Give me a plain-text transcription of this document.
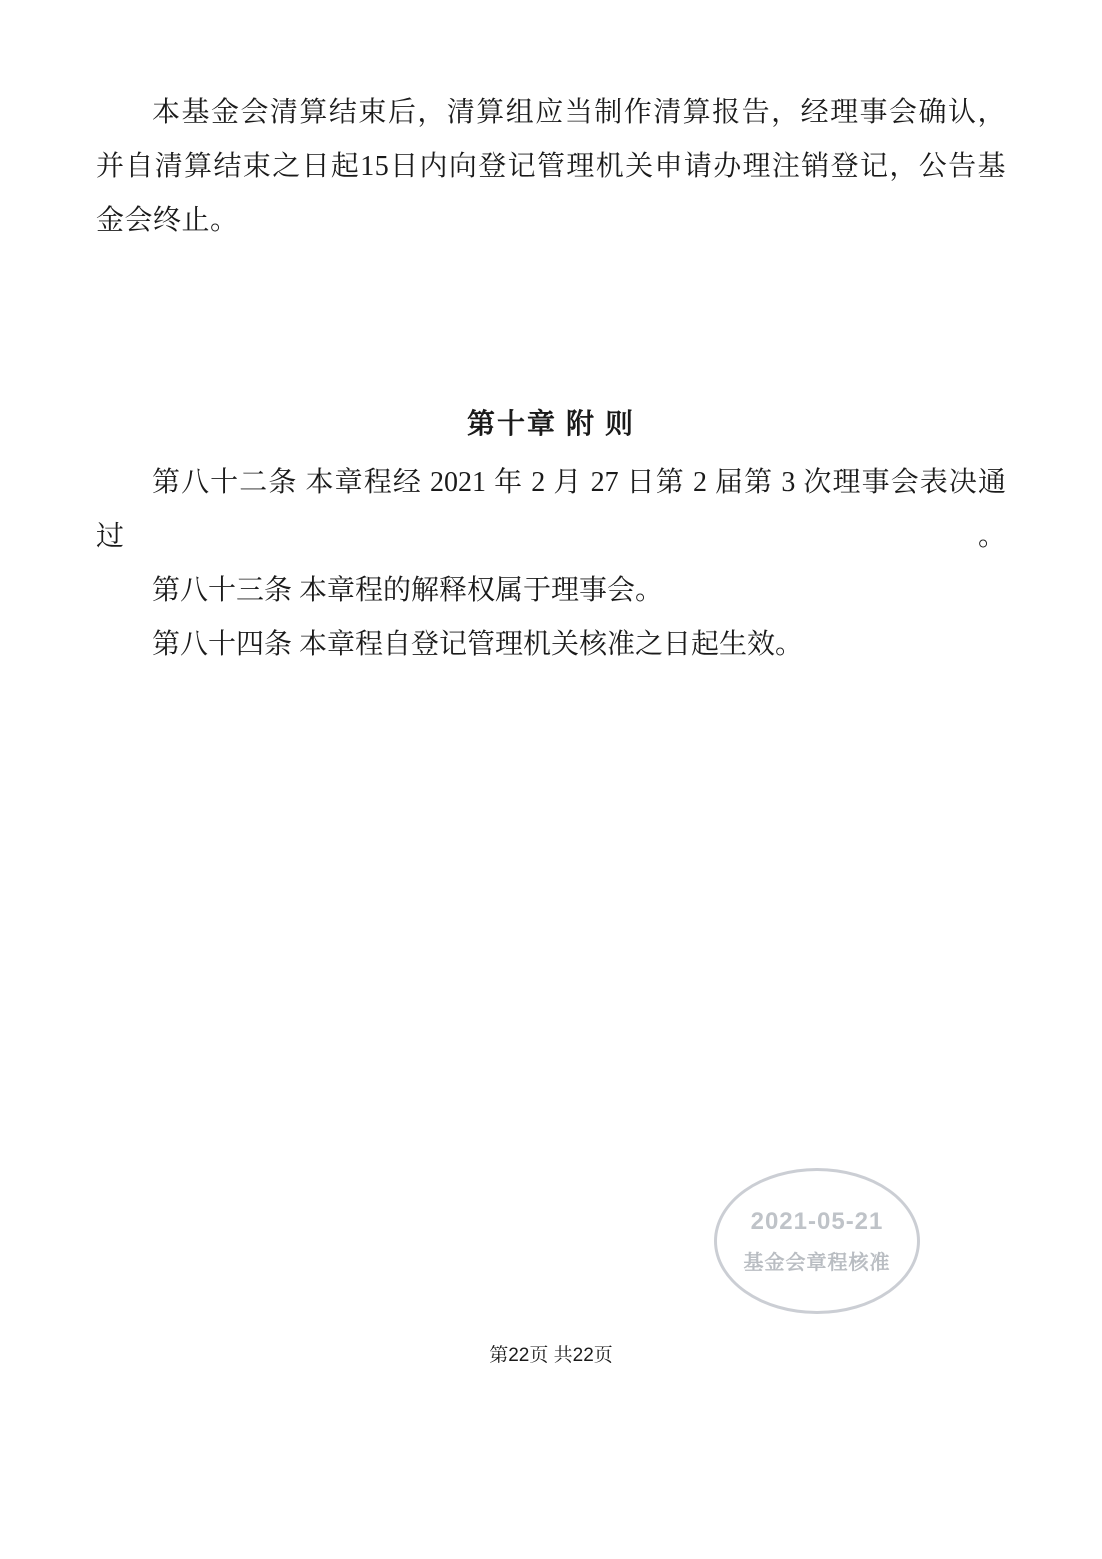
本基金会清算结束后，清算组应当制作清算报告，经理事会确认，并自清算结束之日起15日内向登记管理机关申请办理注销登记，公告基金会终止。

第十章 附 则

第八十二条 本章程经 2021 年 2 月 27 日第 2 届第 3 次理事会表决通过。

第八十三条 本章程的解释权属于理事会。

第八十四条 本章程自登记管理机关核准之日起生效。

2021-05-21
基金会章程核准
第22页 共22页
